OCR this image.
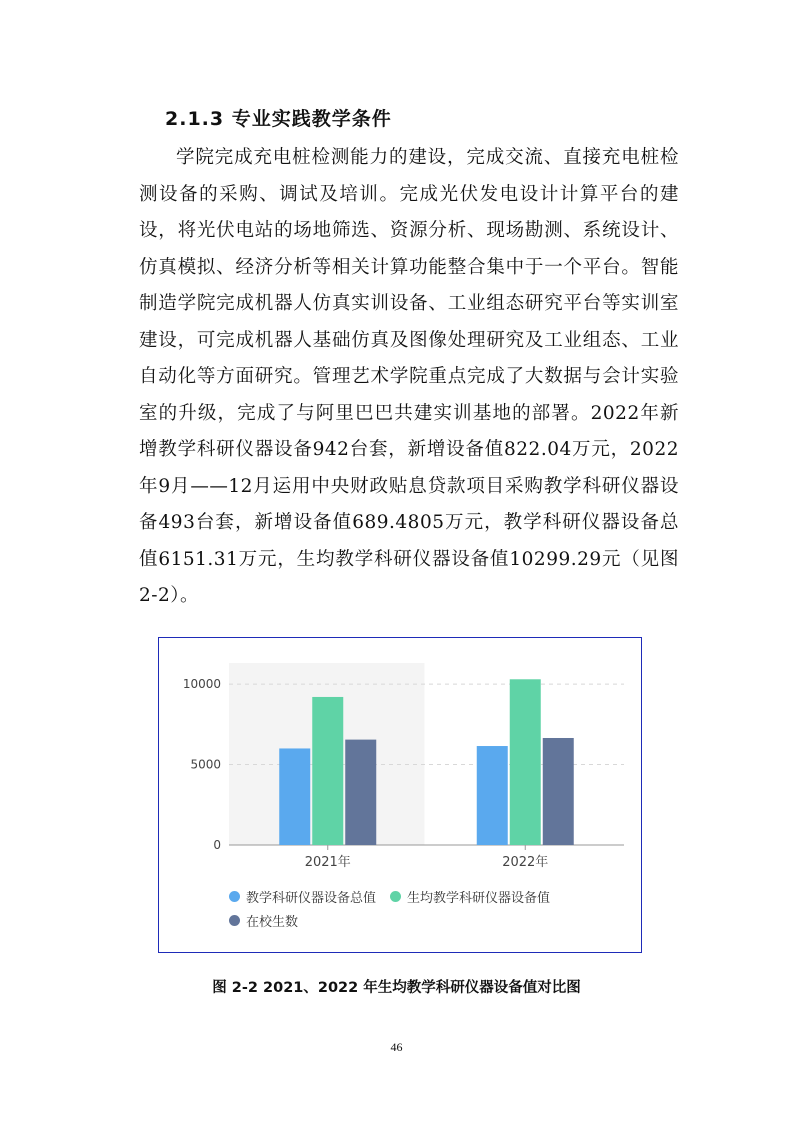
2.1.3 专业实践教学条件
学院完成充电桩检测能力的建设，完成交流、直接充电桩检测设备的采购、调试及培训。完成光伏发电设计计算平台的建设，将光伏电站的场地筛选、资源分析、现场勘测、系统设计、仿真模拟、经济分析等相关计算功能整合集中于一个平台。智能制造学院完成机器人仿真实训设备、工业组态研究平台等实训室建设，可完成机器人基础仿真及图像处理研究及工业组态、工业自动化等方面研究。管理艺术学院重点完成了大数据与会计实验室的升级，完成了与阿里巴巴共建实训基地的部署。2022年新增教学科研仪器设备942台套，新增设备值822.04万元，2022年9月——12月运用中央财政贴息贷款项目采购教学科研仪器设备493台套，新增设备值689.4805万元，教学科研仪器设备总值6151.31万元，生均教学科研仪器设备值10299.29元（见图2-2）。
0
5000
10000
2021年	2022年
教学科研仪器设备总值 生均教学科研仪器设备值

在校生数
图 2-2 2021、2022 年生均教学科研仪器设备值对比图
46
